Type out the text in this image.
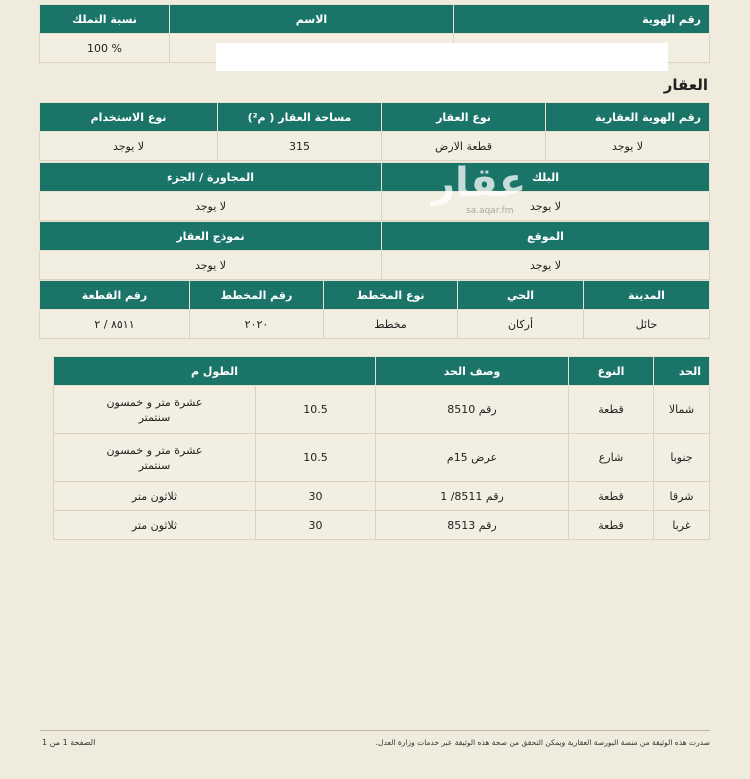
رقم الهوية	الاسم	نسبة التملك
		100 %
العقار
رقم الهوية العقارية	نوع العقار	مساحة العقار ( م²)	نوع الاستخدام
لا يوجد	قطعة الارض	315	لا يوجد
البلك	المجاورة / الجزء
لا يوجد	لا يوجد
الموقع	نموذج العقار
لا يوجد	لا يوجد
المدينة	الحي	نوع المخطط	رقم المخطط	رقم القطعة
حائل	أركان	مخطط	٢٠٢٠	٨٥١١ / ٢
الحد	النوع	وصف الحد	الطول م	
شمالا	قطعة	رقم 8510	10.5	عشرة متر و خمسون سنتمتر
جنوبا	شارع	عرض 15م	10.5	عشرة متر و خمسون سنتمتر
شرقا	قطعة	رقم 8511/ 1	30	ثلاثون متر
غربا	قطعة	رقم 8513	30	ثلاثون متر
عقار
sa.aqar.fm
صدرت هذه الوثيقة من منصة البورصة العقارية ويمكن التحقق من صحة هذه الوثيقة عبر خدمات وزارة العدل.
الصفحة 1 من 1
